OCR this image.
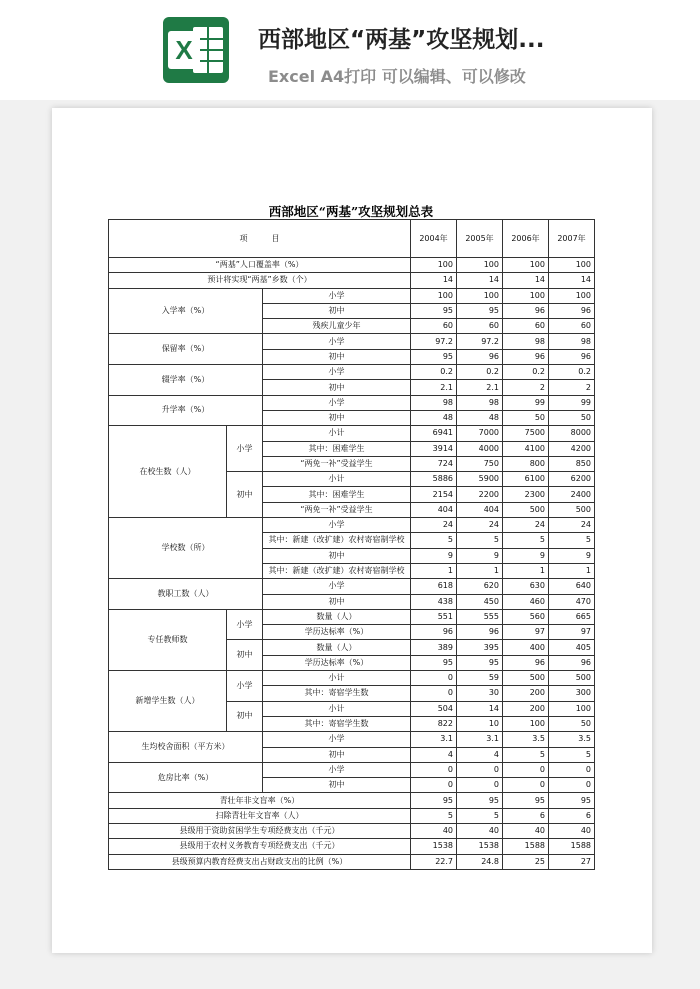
X	西部地区“两基”攻坚规划...
Excel A4打印 可以编辑、可以修改
西部地区“两基”攻坚规划总表
项　　　目			2004年	2005年	2006年	2007年
“两基”人口覆盖率（%）			100	100	100	100
预计将实现“两基”乡数（个）			14	14	14	14
入学率（%）		小学	100	100	100	100
		初中	95	95	96	96
		残疾儿童少年	60	60	60	60
保留率（%）		小学	97.2	97.2	98	98
		初中	95	96	96	96
辍学率（%）		小学	0.2	0.2	0.2	0.2
		初中	2.1	2.1	2	2
升学率（%）		小学	98	98	99	99
		初中	48	48	50	50
在校生数（人）	小学	小计	6941	7000	7500	8000
		其中：困难学生	3914	4000	4100	4200
		“两免一补”受益学生	724	750	800	850
	初中	小计	5886	5900	6100	6200
		其中：困难学生	2154	2200	2300	2400
		“两免一补”受益学生	404	404	500	500
学校数（所）		小学	24	24	24	24
		其中：新建（改扩建）农村寄宿制学校	5	5	5	5
		初中	9	9	9	9
		其中：新建（改扩建）农村寄宿制学校	1	1	1	1
教职工数（人）		小学	618	620	630	640
		初中	438	450	460	470
专任教师数	小学	数量（人）	551	555	560	665
		学历达标率（%）	96	96	97	97
	初中	数量（人）	389	395	400	405
		学历达标率（%）	95	95	96	96
新增学生数（人）	小学	小计	0	59	500	500
		其中：寄宿学生数	0	30	200	300
	初中	小计	504	14	200	100
		其中：寄宿学生数	822	10	100	50
生均校舍面积（平方米）		小学	3.1	3.1	3.5	3.5
		初中	4	4	5	5
危房比率（%）		小学	0	0	0	0
		初中	0	0	0	0
青壮年非文盲率（%）			95	95	95	95
扫除青壮年文盲率（人）			5	5	6	6
县级用于资助贫困学生专项经费支出（千元）			40	40	40	40
县级用于农村义务教育专项经费支出（千元）			1538	1538	1588	1588
县级预算内教育经费支出占财政支出的比例（%）			22.7	24.8	25	27
